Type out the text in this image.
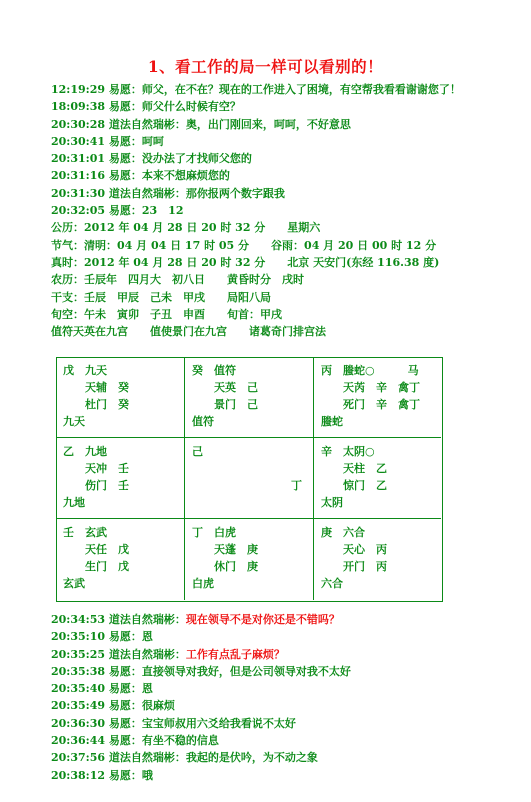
1、看工作的局一样可以看别的！
12:19:29 易愿：师父，在不在？现在的工作进入了困境，有空帮我看看谢谢您了！
18:09:38 易愿：师父什么时候有空？
20:30:28 道法自然瑞彬：奥，出门刚回来，呵呵，不好意思
20:30:41 易愿：呵呵
20:31:01 易愿：没办法了才找师父您的
20:31:16 易愿：本来不想麻烦您的
20:31:30 道法自然瑞彬：那你报两个数字跟我
20:32:05 易愿：23　12
公历：2012 年 04 月 28 日 20 时 32 分　　星期六
节气：清明：04 月 04 日 17 时 05 分　　谷雨：04 月 20 日 00 时 12 分
真时：2012 年 04 月 28 日 20 时 32 分　　北京 天安门(东经 116.38 度)
农历：壬辰年　四月大　初八日　　黄昏时分　戌时
干支：壬辰　甲辰　己未　甲戌　　局阳八局
旬空：午未　寅卯　子丑　申酉　　旬首：甲戌
值符天英在九宫　　值使景门在九宫　　诸葛奇门排宫法
戊　九天
　　天辅　癸
　　杜门　癸
九天
癸　值符
　　天英　己
　　景门　己
值符
丙　螣蛇○　　　马
　　天芮　辛　禽丁
　　死门　辛　禽丁
螣蛇
乙　九地
　　天冲　壬
　　伤门　壬
九地
己
　　　　　　　　　丁
辛　太阴○
　　天柱　乙
　　惊门　乙
太阴
壬　玄武
　　天任　戊
　　生门　戊
玄武
丁　白虎
　　天蓬　庚
　　休门　庚
白虎
庚　六合
　　天心　丙
　　开门　丙
六合
20:34:53 道法自然瑞彬：现在领导不是对你还是不错吗？
20:35:10 易愿：恩
20:35:25 道法自然瑞彬：工作有点乱子麻烦？
20:35:38 易愿：直接领导对我好，但是公司领导对我不太好
20:35:40 易愿：恩
20:35:49 易愿：很麻烦
20:36:30 易愿：宝宝师叔用六爻给我看说不太好
20:36:44 易愿：有坐不稳的信息
20:37:56 道法自然瑞彬：我起的是伏吟，为不动之象
20:38:12 易愿：哦
